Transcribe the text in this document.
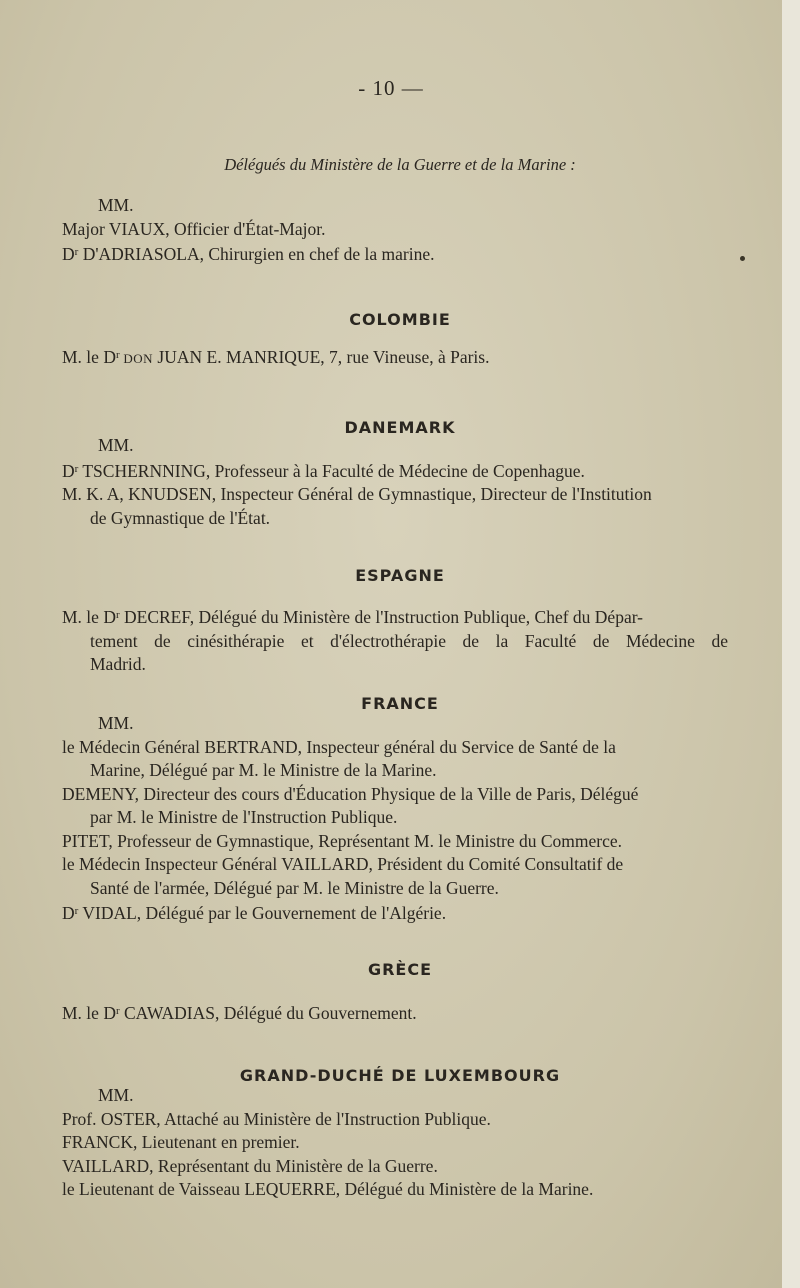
- 10 —
Délégués du Ministère de la Guerre et de la Marine :
MM.
Major VIAUX, Officier d'État-Major.
$D^r$ D'ADRIASOLA, Chirurgien en chef de la marine.
COLOMBIE
M. le $D^r$ DON JUAN E. MANRIQUE, 7, rue Vineuse, à Paris.
DANEMARK
MM.
$D^r$ TSCHERNNING, Professeur à la Faculté de Médecine de Copenhague.
M. K. A, KNUDSEN, Inspecteur Général de Gymnastique, Directeur de l'Institution
de Gymnastique de l'État.
ESPAGNE
M. le $D^r$ DECREF, Délégué du Ministère de l'Instruction Publique, Chef du Dépar-
tement de cinésithérapie et d'électrothérapie de la Faculté de Médecine de
Madrid.
FRANCE
MM.
le Médecin Général BERTRAND, Inspecteur général du Service de Santé de la
Marine, Délégué par M. le Ministre de la Marine.
DEMENY, Directeur des cours d'Éducation Physique de la Ville de Paris, Délégué
par M. le Ministre de l'Instruction Publique.
PITET, Professeur de Gymnastique, Représentant M. le Ministre du Commerce.
le Médecin Inspecteur Général VAILLARD, Président du Comité Consultatif de
Santé de l'armée, Délégué par M. le Ministre de la Guerre.
$D^r$ VIDAL, Délégué par le Gouvernement de l'Algérie.
GRÈCE
M. le $D^r$ CAWADIAS, Délégué du Gouvernement.
GRAND-DUCHÉ DE LUXEMBOURG
MM.
Prof. OSTER, Attaché au Ministère de l'Instruction Publique.
FRANCK, Lieutenant en premier.
VAILLARD, Représentant du Ministère de la Guerre.
le Lieutenant de Vaisseau LEQUERRE, Délégué du Ministère de la Marine.
